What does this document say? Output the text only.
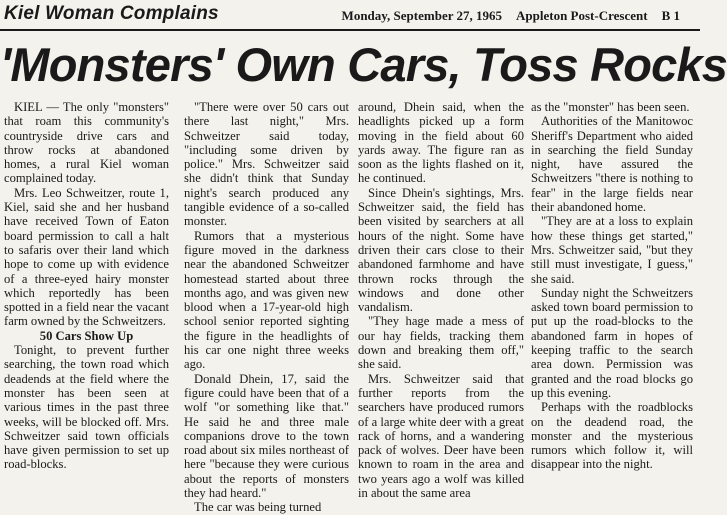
Kiel Woman Complains	Monday, September 27, 1965 Appleton Post-Crescent B 1
'Monsters' Own Cars, Toss Rocks

KIEL — The only "monsters" that roam this community's countryside drive cars and throw rocks at abandoned homes, a rural Kiel woman complained today.

Mrs. Leo Schweitzer, route 1, Kiel, said she and her husband have received Town of Eaton board permission to call a halt to safaris over their land which hope to come up with evidence of a three-eyed hairy monster which reportedly has been spotted in a field near the vacant farm owned by the Schweitzers.

50 Cars Show Up

Tonight, to prevent further searching, the town road which deadends at the field where the monster has been seen at various times in the past three weeks, will be blocked off. Mrs. Schweitzer said town officials have given permission to set up road-blocks.

"There were over 50 cars out there last night," Mrs. Schweitzer said today, "including some driven by police." Mrs. Schweitzer said she didn't think that Sunday night's search produced any tangible evidence of a so-called monster.

Rumors that a mysterious figure moved in the darkness near the abandoned Schweitzer homestead started about three months ago, and was given new blood when a 17-year-old high school senior reported sighting the figure in the headlights of his car one night three weeks ago.

Donald Dhein, 17, said the figure could have been that of a wolf "or something like that." He said he and three male companions drove to the town road about six miles northeast of here "because they were curious about the reports of monsters they had heard."

The car was being turned

around, Dhein said, when the headlights picked up a form moving in the field about 60 yards away. The figure ran as soon as the lights flashed on it, he continued.

Since Dhein's sightings, Mrs. Schweitzer said, the field has been visited by searchers at all hours of the night. Some have driven their cars close to their abandoned farmhome and have thrown rocks through the windows and done other vandalism.

"They hage made a mess of our hay fields, tracking them down and breaking them off," she said.

Mrs. Schweitzer said that further reports from the searchers have produced rumors of a large white deer with a great rack of horns, and a wandering pack of wolves. Deer have been known to roam in the area and two years ago a wolf was killed in about the same area

as the "monster" has been seen.

Authorities of the Manitowoc Sheriff's Department who aided in searching the field Sunday night, have assured the Schweitzers "there is nothing to fear" in the large fields near their abandoned home.

"They are at a loss to explain how these things get started," Mrs. Schweitzer said, "but they still must investigate, I guess," she said.

Sunday night the Schweitzers asked town board permission to put up the road-blocks to the abandoned farm in hopes of keeping traffic to the search area down. Permission was granted and the road blocks go up this evening.

Perhaps with the roadblocks on the deadend road, the monster and the mysterious rumors which follow it, will disappear into the night.
